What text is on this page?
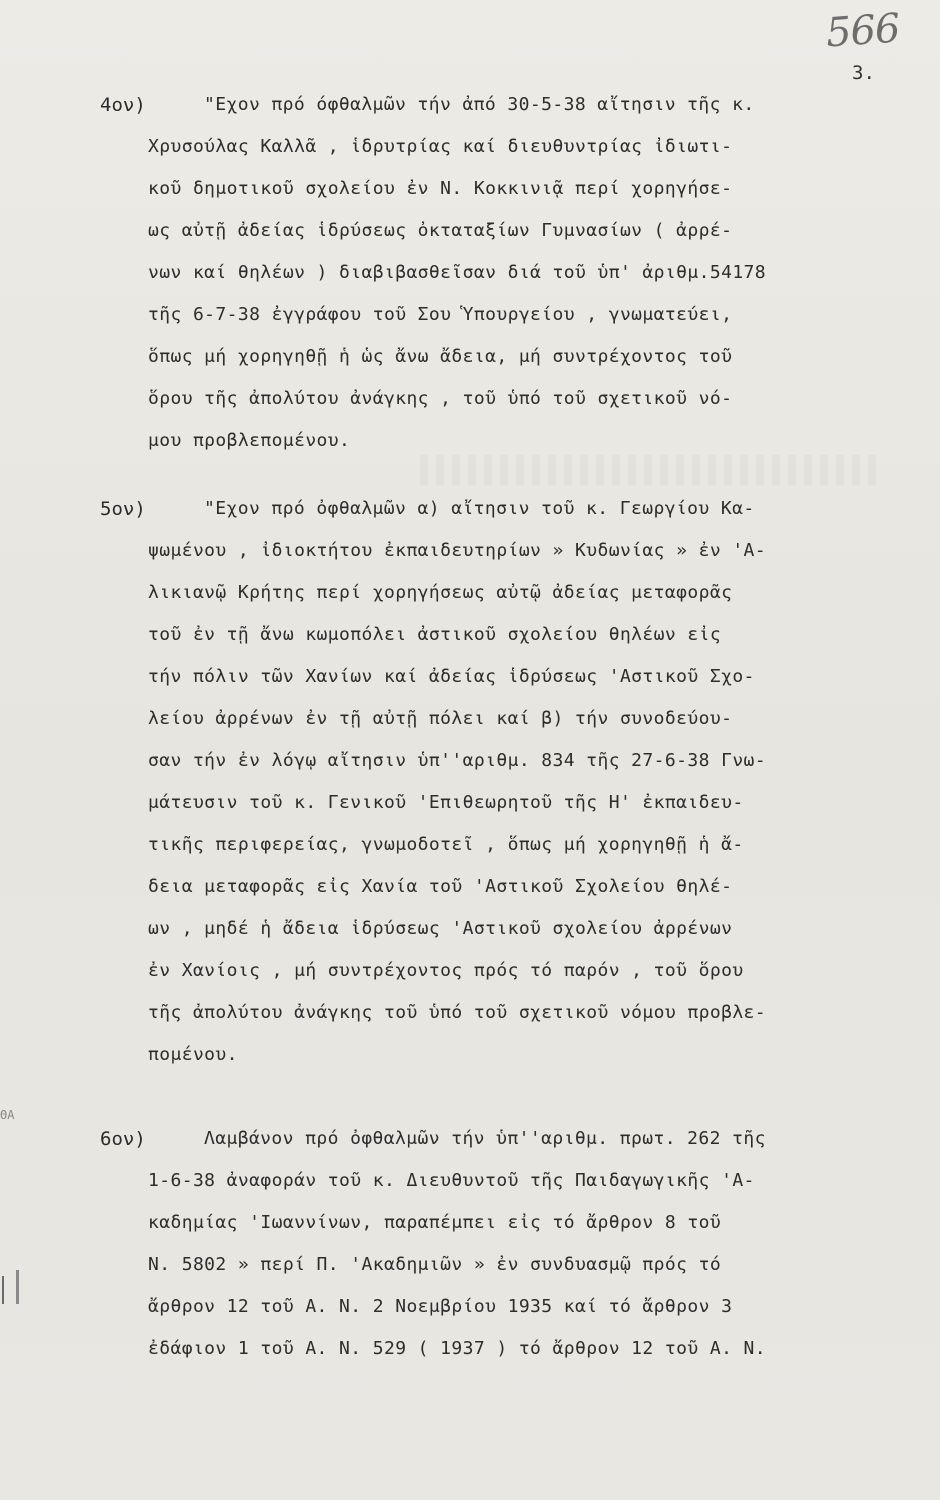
566
3.
4ον)	"Εχον πρό όφθαλμῶν τήν ἀπό 30-5-38 αἴτησιν τῆς κ.
Χρυσούλας Καλλᾶ , ἱδρυτρίας καί διευθυντρίας ἰδιωτι-
κοῦ δημοτικοῦ σχολείου ἐν Ν. Κοκκινιᾷ περί χορηγήσε-
ως αὐτῇ ἀδείας ἱδρύσεως ὀκταταξίων Γυμνασίων ( ἀρρέ-
νων καί θηλέων ) διαβιβασθεῖσαν διά τοῦ ὑπ' ἀριθμ.54178
τῆς 6-7-38 ἐγγράφου τοῦ Σου Ὑπουργείου , γνωματεύει,
ὅπως μή χορηγηθῇ ἡ ὡς ἄνω ἄδεια, μή συντρέχοντος τοῦ
ὅρου τῆς ἀπολύτου ἀνάγκης , τοῦ ὑπό τοῦ σχετικοῦ νό-
μου προβλεπομένου.
5ον)	"Εχον πρό ὀφθαλμῶν α) αἴτησιν τοῦ κ. Γεωργίου Κα-
ψωμένου , ἰδιοκτήτου ἐκπαιδευτηρίων » Κυδωνίας » ἐν 'Α-
λικιανῷ Κρήτης περί χορηγήσεως αὐτῷ ἀδείας μεταφορᾶς
τοῦ ἐν τῇ ἄνω κωμοπόλει ἀστικοῦ σχολείου θηλέων εἰς
τήν πόλιν τῶν Χανίων καί ἀδείας ἱδρύσεως 'Αστικοῦ Σχο-
λείου ἀρρένων ἐν τῇ αὐτῇ πόλει καί β) τήν συνοδεύου-
σαν τήν ἐν λόγῳ αἴτησιν ὑπ''αριθμ. 834 τῆς 27-6-38 Γνω-
μάτευσιν τοῦ κ. Γενικοῦ 'Επιθεωρητοῦ τῆς Η' ἐκπαιδευ-
τικῆς περιφερείας, γνωμοδοτεῖ , ὅπως μή χορηγηθῇ ἡ ἄ-
δεια μεταφορᾶς εἰς Χανία τοῦ 'Αστικοῦ Σχολείου θηλέ-
ων , μηδέ ἡ ἄδεια ἱδρύσεως 'Αστικοῦ σχολείου ἀρρένων
ἐν Χανίοις , μή συντρέχοντος πρός τό παρόν , τοῦ ὅρου
τῆς ἀπολύτου ἀνάγκης τοῦ ὑπό τοῦ σχετικοῦ νόμου προβλε-
πομένου.
6ον)	Λαμβάνον πρό ὀφθαλμῶν τήν ὑπ''αριθμ. πρωτ. 262 τῆς
1-6-38 ἀναφοράν τοῦ κ. Διευθυντοῦ τῆς Παιδαγωγικῆς 'Α-
καδημίας 'Ιωαννίνων, παραπέμπει εἰς τό ἄρθρον 8 τοῦ
Ν. 5802 » περί Π. 'Ακαδημιῶν » ἐν συνδυασμῷ πρός τό
ἄρθρον 12 τοῦ Α. Ν. 2 Νοεμβρίου 1935 καί τό ἄρθρον 3
ἐδάφιον 1 τοῦ Α. Ν. 529 ( 1937 ) τό ἄρθρον 12 τοῦ Α. Ν.
ΘΑ
